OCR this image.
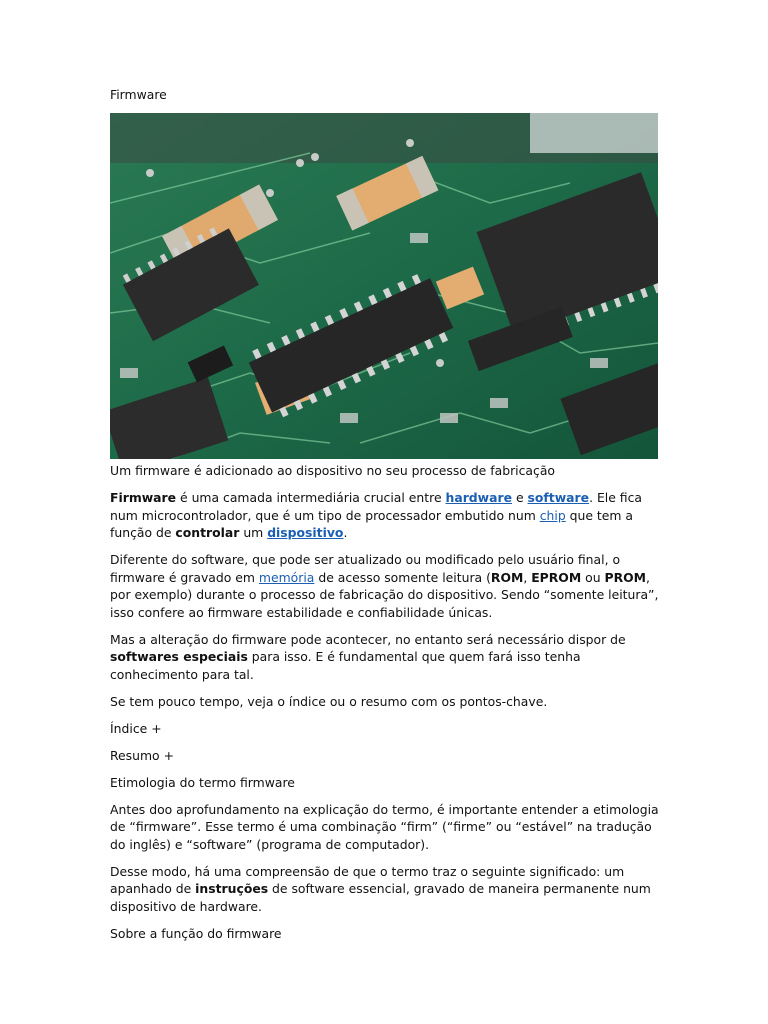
Firmware

Um firmware é adicionado ao dispositivo no seu processo de fabricação

Firmware é uma camada intermediária crucial entre hardware e software. Ele fica num microcontrolador, que é um tipo de processador embutido num chip que tem a função de controlar um dispositivo.

Diferente do software, que pode ser atualizado ou modificado pelo usuário final, o firmware é gravado em memória de acesso somente leitura (ROM, EPROM ou PROM, por exemplo) durante o processo de fabricação do dispositivo. Sendo “somente leitura”, isso confere ao firmware estabilidade e confiabilidade únicas.

Mas a alteração do firmware pode acontecer, no entanto será necessário dispor de softwares especiais para isso. E é fundamental que quem fará isso tenha conhecimento para tal.

Se tem pouco tempo, veja o índice ou o resumo com os pontos-chave.

Índice +

Resumo +

Etimologia do termo firmware

Antes doo aprofundamento na explicação do termo, é importante entender a etimologia de “firmware”. Esse termo é uma combinação “firm” (“firme” ou “estável” na tradução do inglês) e “software” (programa de computador).

Desse modo, há uma compreensão de que o termo traz o seguinte significado: um apanhado de instruções de software essencial, gravado de maneira permanente num dispositivo de hardware.

Sobre a função do firmware
